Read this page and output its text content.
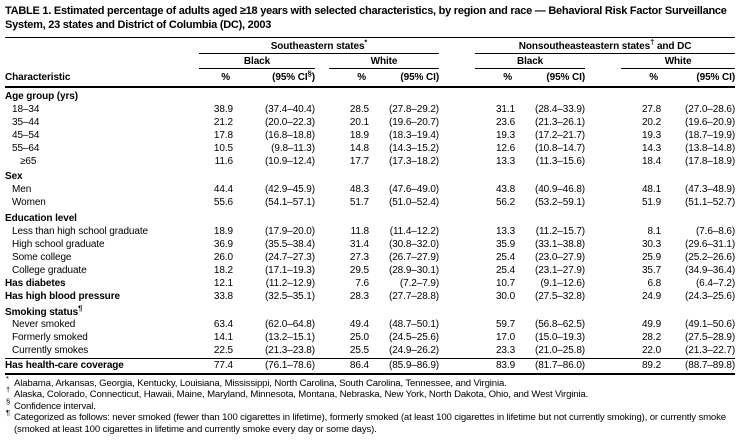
TABLE 1. Estimated percentage of adults aged ≥18 years with selected characteristics, by region and race — Behavioral Risk Factor Surveillance System, 23 states and District of Columbia (DC), 2003
		Southeastern states*						Nonsoutheasteastern states† and DC				
		Black			White			Black			White	
Characteristic		%	(95% CI§)		%	(95% CI)		%	(95% CI)		%	(95% CI)
Age group (yrs)												
18–34		38.9	(37.4–40.4)		28.5	(27.8–29.2)		31.1	(28.4–33.9)		27.8	(27.0–28.6)
35–44		21.2	(20.0–22.3)		20.1	(19.6–20.7)		23.6	(21.3–26.1)		20.2	(19.6–20.9)
45–54		17.8	(16.8–18.8)		18.9	(18.3–19.4)		19.3	(17.2–21.7)		19.3	(18.7–19.9)
55–64		10.5	(9.8–11.3)		14.8	(14.3–15.2)		12.6	(10.8–14.7)		14.3	(13.8–14.8)
≥65		11.6	(10.9–12.4)		17.7	(17.3–18.2)		13.3	(11.3–15.6)		18.4	(17.8–18.9)
Sex												
Men		44.4	(42.9–45.9)		48.3	(47.6–49.0)		43.8	(40.9–46.8)		48.1	(47.3–48.9)
Women		55.6	(54.1–57.1)		51.7	(51.0–52.4)		56.2	(53.2–59.1)		51.9	(51.1–52.7)
Education level												
Less than high school graduate		18.9	(17.9–20.0)		11.8	(11.4–12.2)		13.3	(11.2–15.7)		8.1	(7.6–8.6)
High school graduate		36.9	(35.5–38.4)		31.4	(30.8–32.0)		35.9	(33.1–38.8)		30.3	(29.6–31.1)
Some college		26.0	(24.7–27.3)		27.3	(26.7–27.9)		25.4	(23.0–27.9)		25.9	(25.2–26.6)
College graduate		18.2	(17.1–19.3)		29.5	(28.9–30.1)		25.4	(23.1–27.9)		35.7	(34.9–36.4)
Has diabetes		12.1	(11.2–12.9)		7.6	(7.2–7.9)		10.7	(9.1–12.6)		6.8	(6.4–7.2)
Has high blood pressure		33.8	(32.5–35.1)		28.3	(27.7–28.8)		30.0	(27.5–32.8)		24.9	(24.3–25.6)
Smoking status¶
Never smoked		63.4	(62.0–64.8)		49.4	(48.7–50.1)		59.7	(56.8–62.5)		49.9	(49.1–50.6)
Formerly smoked		14.1	(13.2–15.1)		25.0	(24.5–25.6)		17.0	(15.0–19.3)		28.2	(27.5–28.9)
Currently smokes		22.5	(21.3–23.8)		25.5	(24.9–26.2)		23.3	(21.0–25.8)		22.0	(21.3–22.7)
Has health-care coverage		77.4	(76.1–78.6)		86.4	(85.9–86.9)		83.9	(81.7–86.0)		89.2	(88.7–89.8)
* Alabama, Arkansas, Georgia, Kentucky, Louisiana, Mississippi, North Carolina, South Carolina, Tennessee, and Virginia.
† Alaska, Colorado, Connecticut, Hawaii, Maine, Maryland, Minnesota, Montana, Nebraska, New York, North Dakota, Ohio, and West Virginia.
§ Confidence interval.
¶ Categorized as follows: never smoked (fewer than 100 cigarettes in lifetime), formerly smoked (at least 100 cigarettes in lifetime but not currently smoking), or currently smoke (smoked at least 100 cigarettes in lifetime and currently smoke every day or some days).
